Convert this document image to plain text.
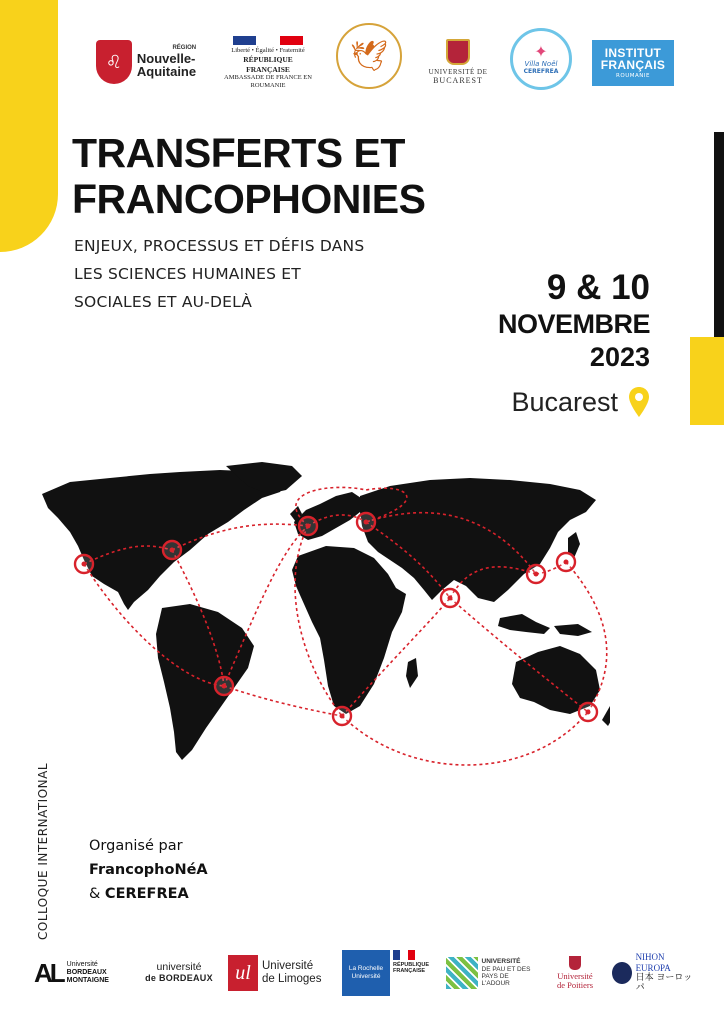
♌
RÉGION
Nouvelle-
Aquitaine
Liberté • Égalité • Fraternité
RÉPUBLIQUE FRANÇAISE
AMBASSADE DE FRANCE EN ROUMANIE
🕊	UNIVERSITÉ DE
BUCAREST
✦
Villa Noël
CEREFREA
INSTITUT
FRANÇAIS
ROUMANIE
TRANSFERTS ET
FRANCOPHONIES

ENJEUX, PROCESSUS ET DÉFIS DANS
LES SCIENCES HUMAINES ET
SOCIALES ET AU-DELÀ	9 & 10
NOVEMBRE
2023
Bucarest
COLLOQUE INTERNATIONAL	Organisé par
FrancophoNéA
& CEREFREA
AL Université
BORDEAUX
MONTAIGNE
université
de BORDEAUX	ul Université
de Limoges
La Rochelle
Université
RÉPUBLIQUE
FRANÇAISE
UNIVERSITÉ
DE PAU ET DES
PAYS DE L'ADOUR
Université
de Poitiers
NIHON
EUROPA
日本 ヨーロッパ
